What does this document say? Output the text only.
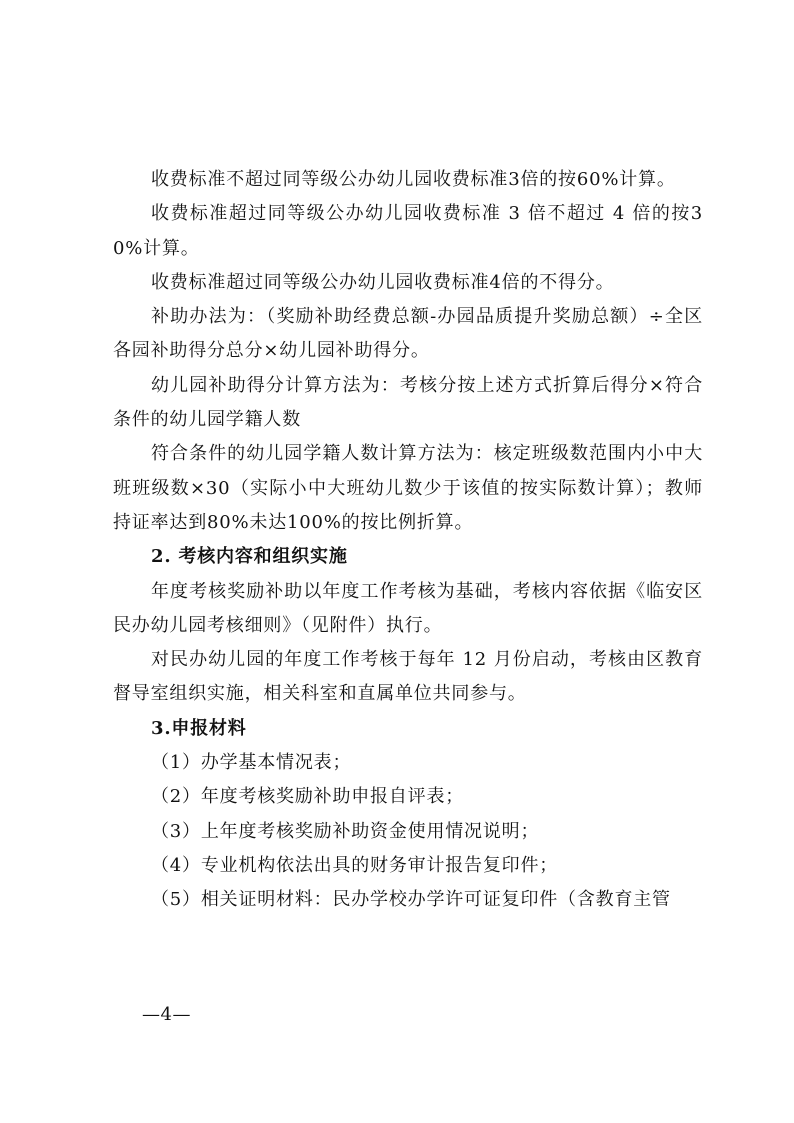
收费标准不超过同等级公办幼儿园收费标准3倍的按60%计算。

收费标准超过同等级公办幼儿园收费标准 3 倍不超过 4 倍的按30%计算。

收费标准超过同等级公办幼儿园收费标准4倍的不得分。

补助办法为：（奖励补助经费总额-办园品质提升奖励总额）÷全区各园补助得分总分×幼儿园补助得分。

幼儿园补助得分计算方法为：考核分按上述方式折算后得分×符合条件的幼儿园学籍人数

符合条件的幼儿园学籍人数计算方法为：核定班级数范围内小中大班班级数×30（实际小中大班幼儿数少于该值的按实际数计算）；教师持证率达到80%未达100%的按比例折算。

2. 考核内容和组织实施

年度考核奖励补助以年度工作考核为基础，考核内容依据《临安区民办幼儿园考核细则》（见附件）执行。

对民办幼儿园的年度工作考核于每年 12 月份启动，考核由区教育督导室组织实施，相关科室和直属单位共同参与。

3.申报材料

（1）办学基本情况表；

（2）年度考核奖励补助申报自评表；

（3）上年度考核奖励补助资金使用情况说明；

（4）专业机构依法出具的财务审计报告复印件；

（5）相关证明材料：民办学校办学许可证复印件（含教育主管

—4—
